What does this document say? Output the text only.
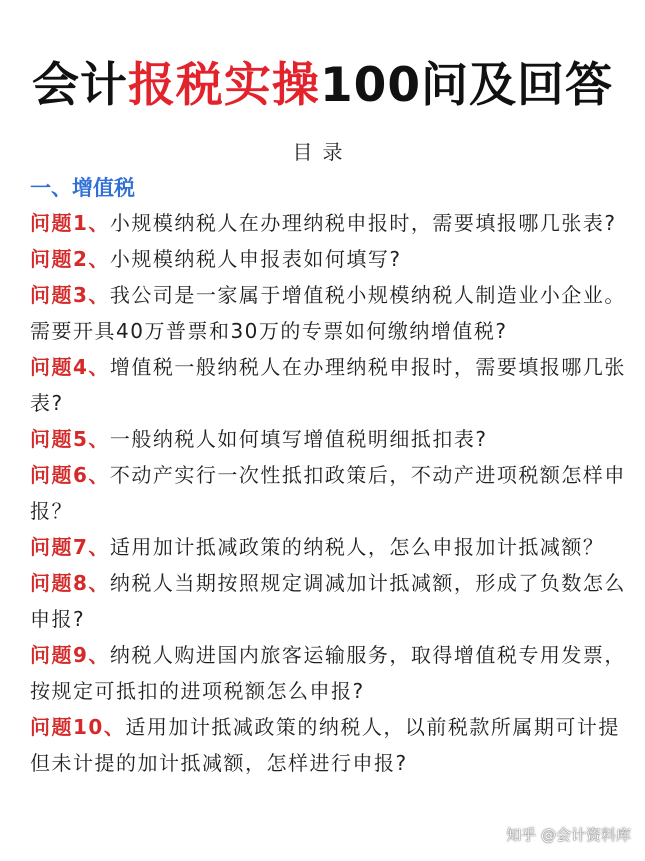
会计报税实操100问及回答
目录
一、增值税

问题1、小规模纳税人在办理纳税申报时，需要填报哪几张表?

问题2、小规模纳税人申报表如何填写?

问题3、我公司是一家属于增值税小规模纳税人制造业小企业。需要开具40万普票和30万的专票如何缴纳增值税?

问题4、增值税一般纳税人在办理纳税申报时，需要填报哪几张表?

问题5、一般纳税人如何填写增值税明细抵扣表?

问题6、不动产实行一次性抵扣政策后，不动产进项税额怎样申报？

问题7、适用加计抵减政策的纳税人，怎么申报加计抵减额？

问题8、纳税人当期按照规定调减加计抵减额，形成了负数怎么申报?

问题9、纳税人购进国内旅客运输服务，取得增值税专用发票，按规定可抵扣的进项税额怎么申报?

问题10、适用加计抵减政策的纳税人，以前税款所属期可计提但未计提的加计抵减额，怎样进行申报?

知乎 @会计资料库
